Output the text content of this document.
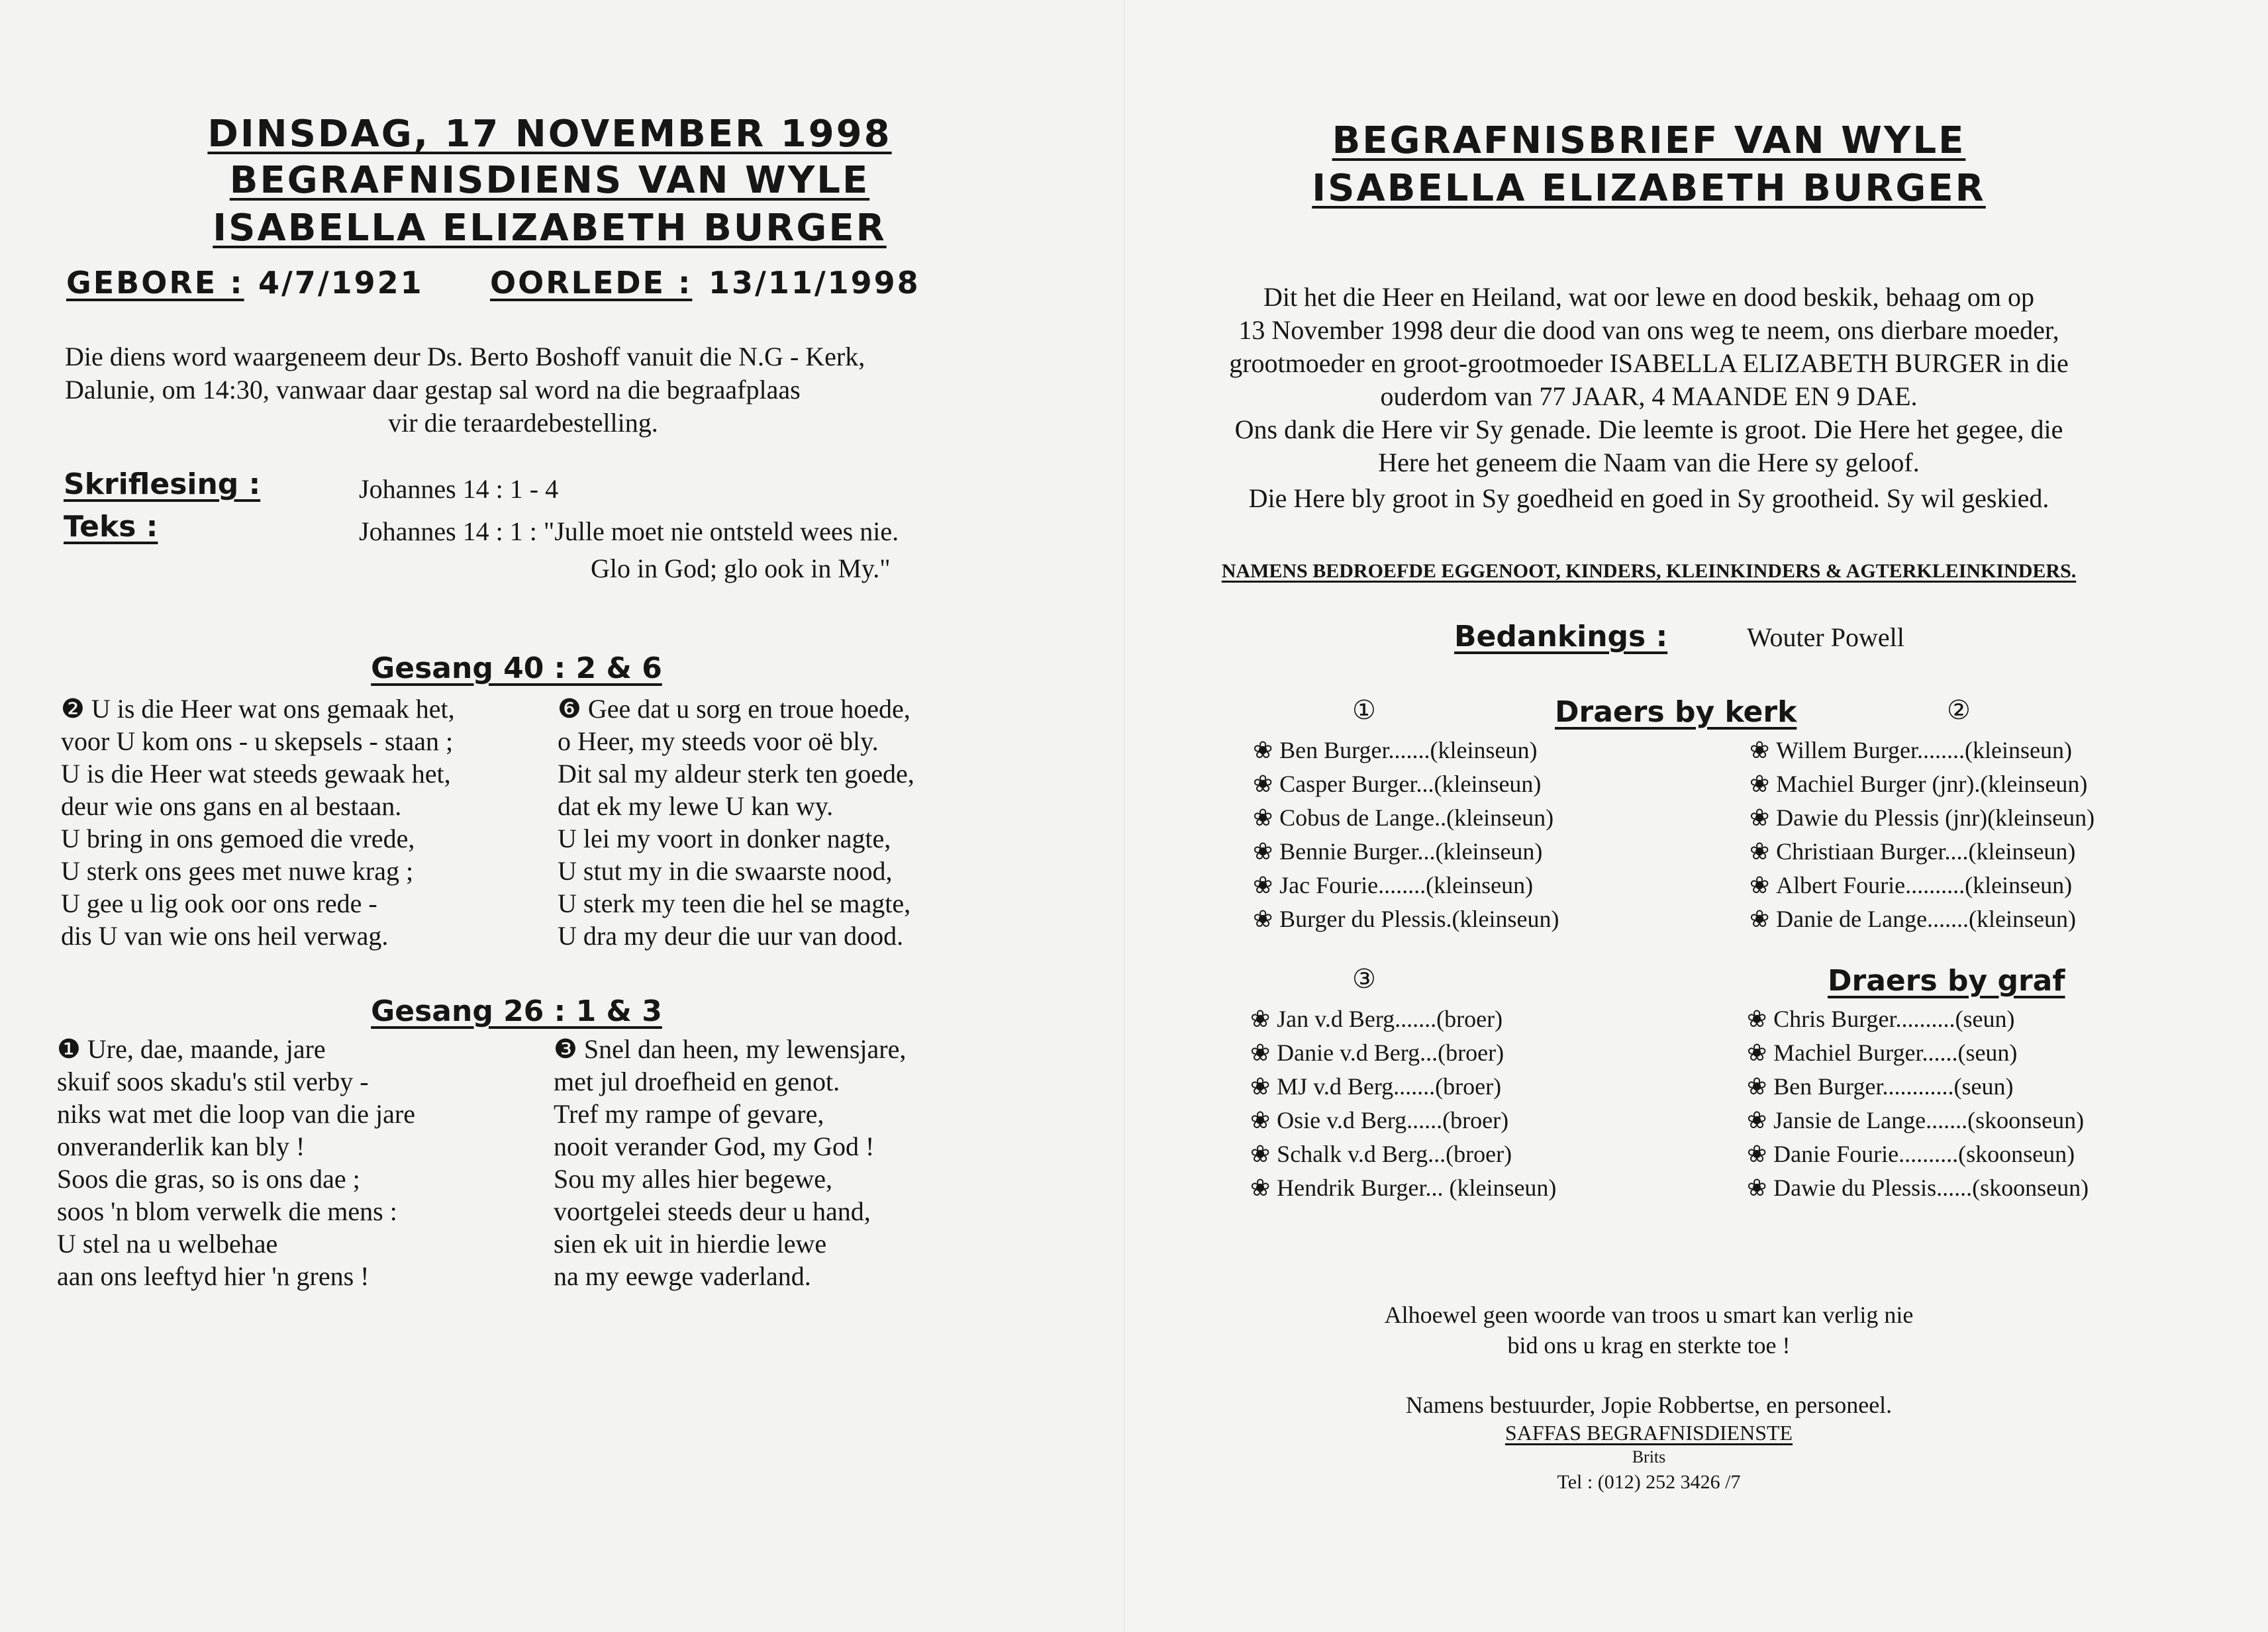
DINSDAG, 17 NOVEMBER 1998
BEGRAFNISDIENS VAN WYLE
ISABELLA ELIZABETH BURGER
GEBORE : 4/7/1921 OORLEDE : 13/11/1998
Die diens word waargeneem deur Ds. Berto Boshoff vanuit die N.G - Kerk,
Dalunie, om 14:30, vanwaar daar gestap sal word na die begraafplaas
vir die teraardebestelling.
Skriflesing :	Johannes 14 : 1 - 4
Teks :	Johannes 14 : 1 : "Julle moet nie ontsteld wees nie.
Glo in God; glo ook in My."
Gesang 40 : 2 & 6
❷ U is die Heer wat ons gemaak het,
voor U kom ons - u skepsels - staan ;
U is die Heer wat steeds gewaak het,
deur wie ons gans en al bestaan.
U bring in ons gemoed die vrede,
U sterk ons gees met nuwe krag ;
U gee u lig ook oor ons rede -
dis U van wie ons heil verwag.
❻ Gee dat u sorg en troue hoede,
o Heer, my steeds voor oë bly.
Dit sal my aldeur sterk ten goede,
dat ek my lewe U kan wy.
U lei my voort in donker nagte,
U stut my in die swaarste nood,
U sterk my teen die hel se magte,
U dra my deur die uur van dood.
Gesang 26 : 1 & 3
❶ Ure, dae, maande, jare
skuif soos skadu's stil verby -
niks wat met die loop van die jare
onveranderlik kan bly !
Soos die gras, so is ons dae ;
soos 'n blom verwelk die mens :
U stel na u welbehae
aan ons leeftyd hier 'n grens !
❸ Snel dan heen, my lewensjare,
met jul droefheid en genot.
Tref my rampe of gevare,
nooit verander God, my God !
Sou my alles hier begewe,
voortgelei steeds deur u hand,
sien ek uit in hierdie lewe
na my eewge vaderland.
BEGRAFNISBRIEF VAN WYLE
ISABELLA ELIZABETH BURGER
Dit het die Heer en Heiland, wat oor lewe en dood beskik, behaag om op
13 November 1998 deur die dood van ons weg te neem, ons dierbare moeder,
grootmoeder en groot-grootmoeder ISABELLA ELIZABETH BURGER in die
ouderdom van 77 JAAR, 4 MAANDE EN 9 DAE.
Ons dank die Here vir Sy genade. Die leemte is groot. Die Here het gegee, die
Here het geneem die Naam van die Here sy geloof.
Die Here bly groot in Sy goedheid en goed in Sy grootheid. Sy wil geskied.
NAMENS BEDROEFDE EGGENOOT, KINDERS, KLEINKINDERS & AGTERKLEINKINDERS.
Bedankings :	Wouter Powell
①	Draers by kerk	②
❀ Ben Burger.......(kleinseun)
❀ Casper Burger...(kleinseun)
❀ Cobus de Lange..(kleinseun)
❀ Bennie Burger...(kleinseun)
❀ Jac Fourie........(kleinseun)
❀ Burger du Plessis.(kleinseun)
❀ Willem Burger........(kleinseun)
❀ Machiel Burger (jnr).(kleinseun)
❀ Dawie du Plessis (jnr)(kleinseun)
❀ Christiaan Burger....(kleinseun)
❀ Albert Fourie..........(kleinseun)
❀ Danie de Lange.......(kleinseun)
③	Draers by graf
❀ Jan v.d Berg.......(broer)
❀ Danie v.d Berg...(broer)
❀ MJ v.d Berg.......(broer)
❀ Osie v.d Berg......(broer)
❀ Schalk v.d Berg...(broer)
❀ Hendrik Burger... (kleinseun)
❀ Chris Burger..........(seun)
❀ Machiel Burger......(seun)
❀ Ben Burger............(seun)
❀ Jansie de Lange.......(skoonseun)
❀ Danie Fourie..........(skoonseun)
❀ Dawie du Plessis......(skoonseun)
Alhoewel geen woorde van troos u smart kan verlig nie
bid ons u krag en sterkte toe !
Namens bestuurder, Jopie Robbertse, en personeel.
SAFFAS BEGRAFNISDIENSTE
Brits
Tel : (012) 252 3426 /7
